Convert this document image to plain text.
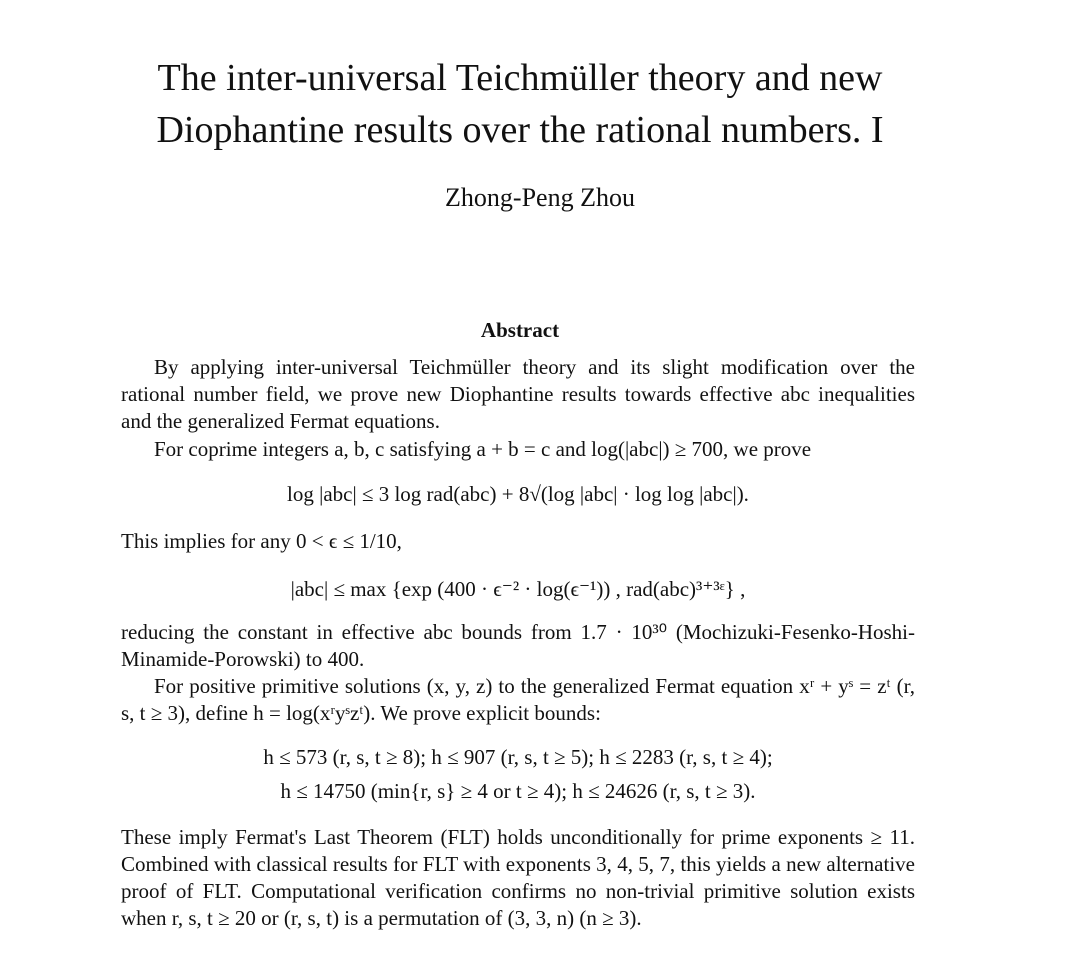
The inter-universal Teichmüller theory and new
Diophantine results over the rational numbers. I
Zhong-Peng Zhou
Abstract
By applying inter-universal Teichmüller theory and its slight modification over the rational number field, we prove new Diophantine results towards effective abc inequalities and the generalized Fermat equations.
For coprime integers a, b, c satisfying a + b = c and log(|abc|) ≥ 700, we prove
log |abc| ≤ 3 log rad(abc) + 8√(log |abc| · log log |abc|).
This implies for any 0 < ϵ ≤ 1/10,
|abc| ≤ max {exp (400 · ϵ⁻² · log(ϵ⁻¹)) , rad(abc)³⁺³ᵋ} ,
reducing the constant in effective abc bounds from 1.7 · 10³⁰ (Mochizuki-Fesenko-Hoshi-Minamide-Porowski) to 400.
For positive primitive solutions (x, y, z) to the generalized Fermat equation xʳ + yˢ = zᵗ (r, s, t ≥ 3), define h = log(xʳyˢzᵗ). We prove explicit bounds:
h ≤ 573 (r, s, t ≥ 8); h ≤ 907 (r, s, t ≥ 5); h ≤ 2283 (r, s, t ≥ 4);
h ≤ 14750 (min{r, s} ≥ 4 or t ≥ 4); h ≤ 24626 (r, s, t ≥ 3).
These imply Fermat's Last Theorem (FLT) holds unconditionally for prime exponents ≥ 11. Combined with classical results for FLT with exponents 3, 4, 5, 7, this yields a new alternative proof of FLT. Computational verification confirms no non-trivial primitive solution exists when r, s, t ≥ 20 or (r, s, t) is a permutation of (3, 3, n) (n ≥ 3).
